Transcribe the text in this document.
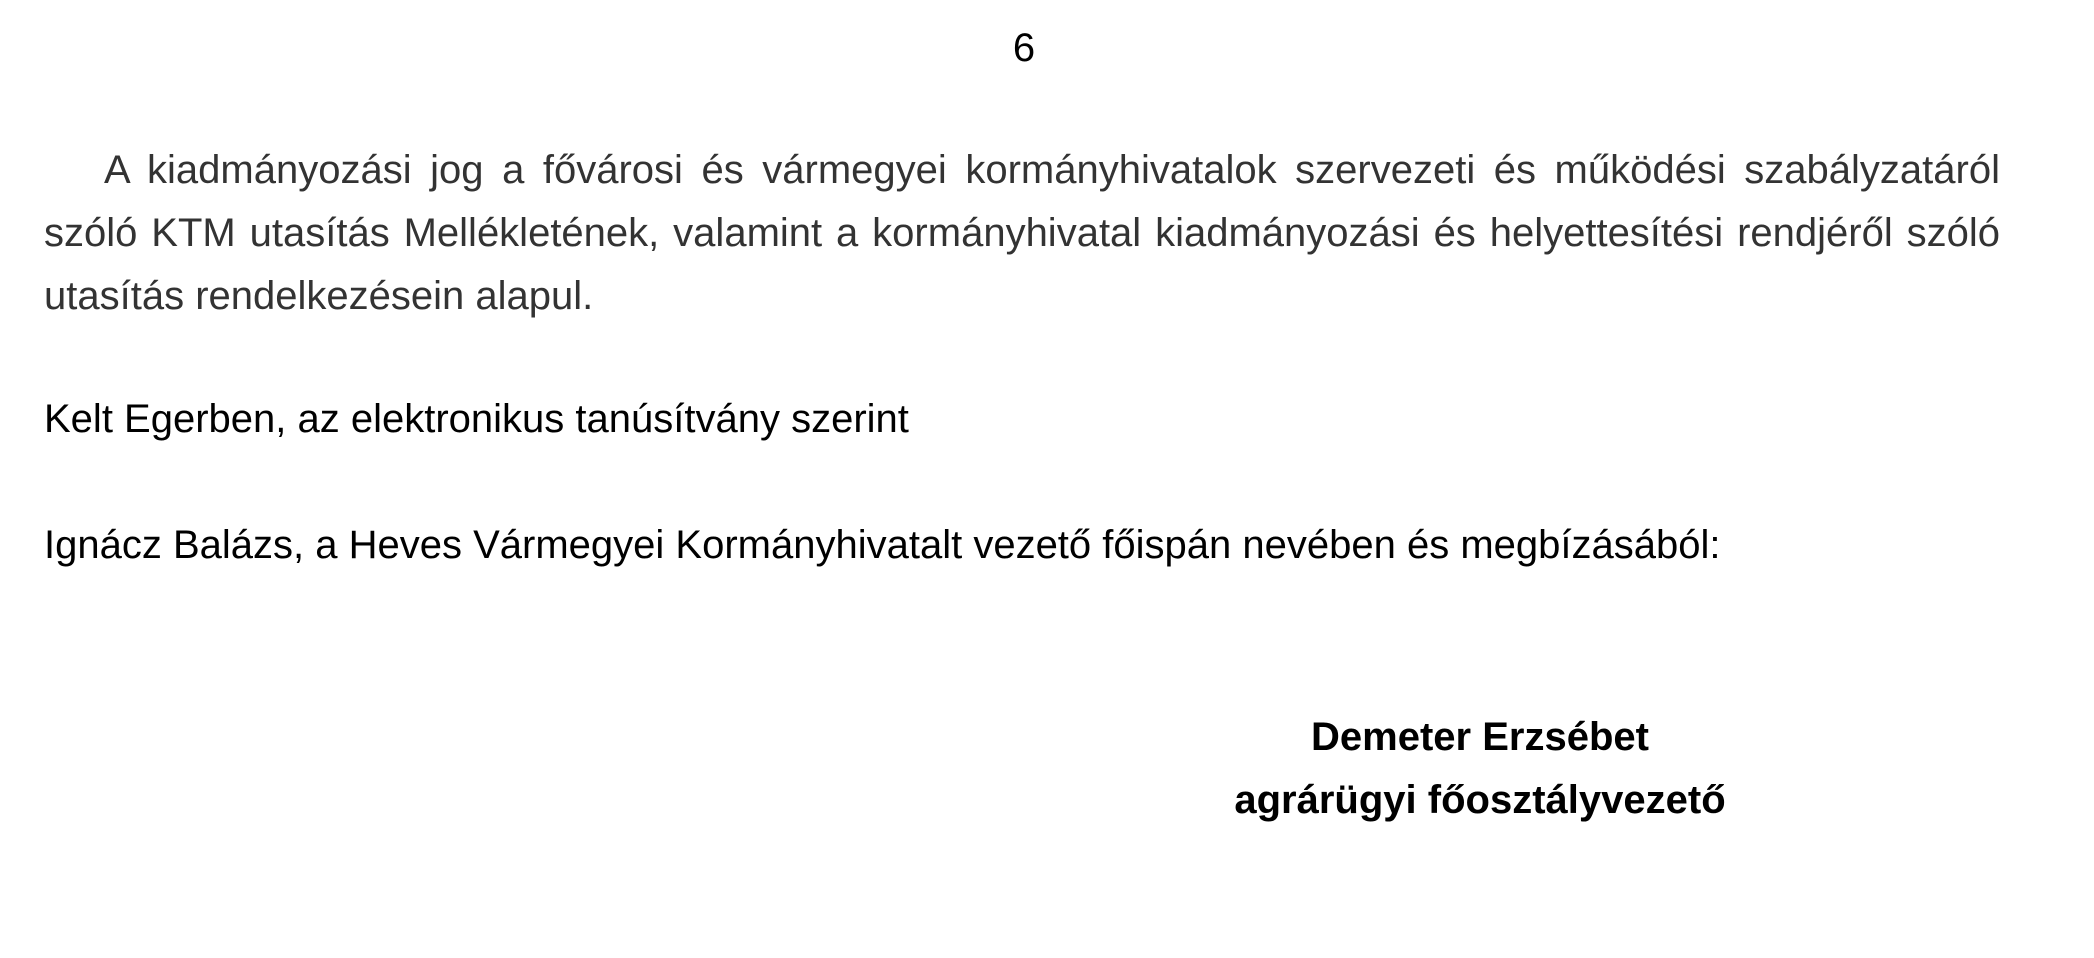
6

A kiadmányozási jog a fővárosi és vármegyei kormányhivatalok szervezeti és működési szabályzatáról szóló KTM utasítás Mellékletének, valamint a kormányhivatal kiadmányozási és helyettesítési rendjéről szóló utasítás rendelkezésein alapul.

Kelt Egerben, az elektronikus tanúsítvány szerint

Ignácz Balázs, a Heves Vármegyei Kormányhivatalt vezető főispán nevében és megbízásából:

Demeter Erzsébet
agrárügyi főosztályvezető
